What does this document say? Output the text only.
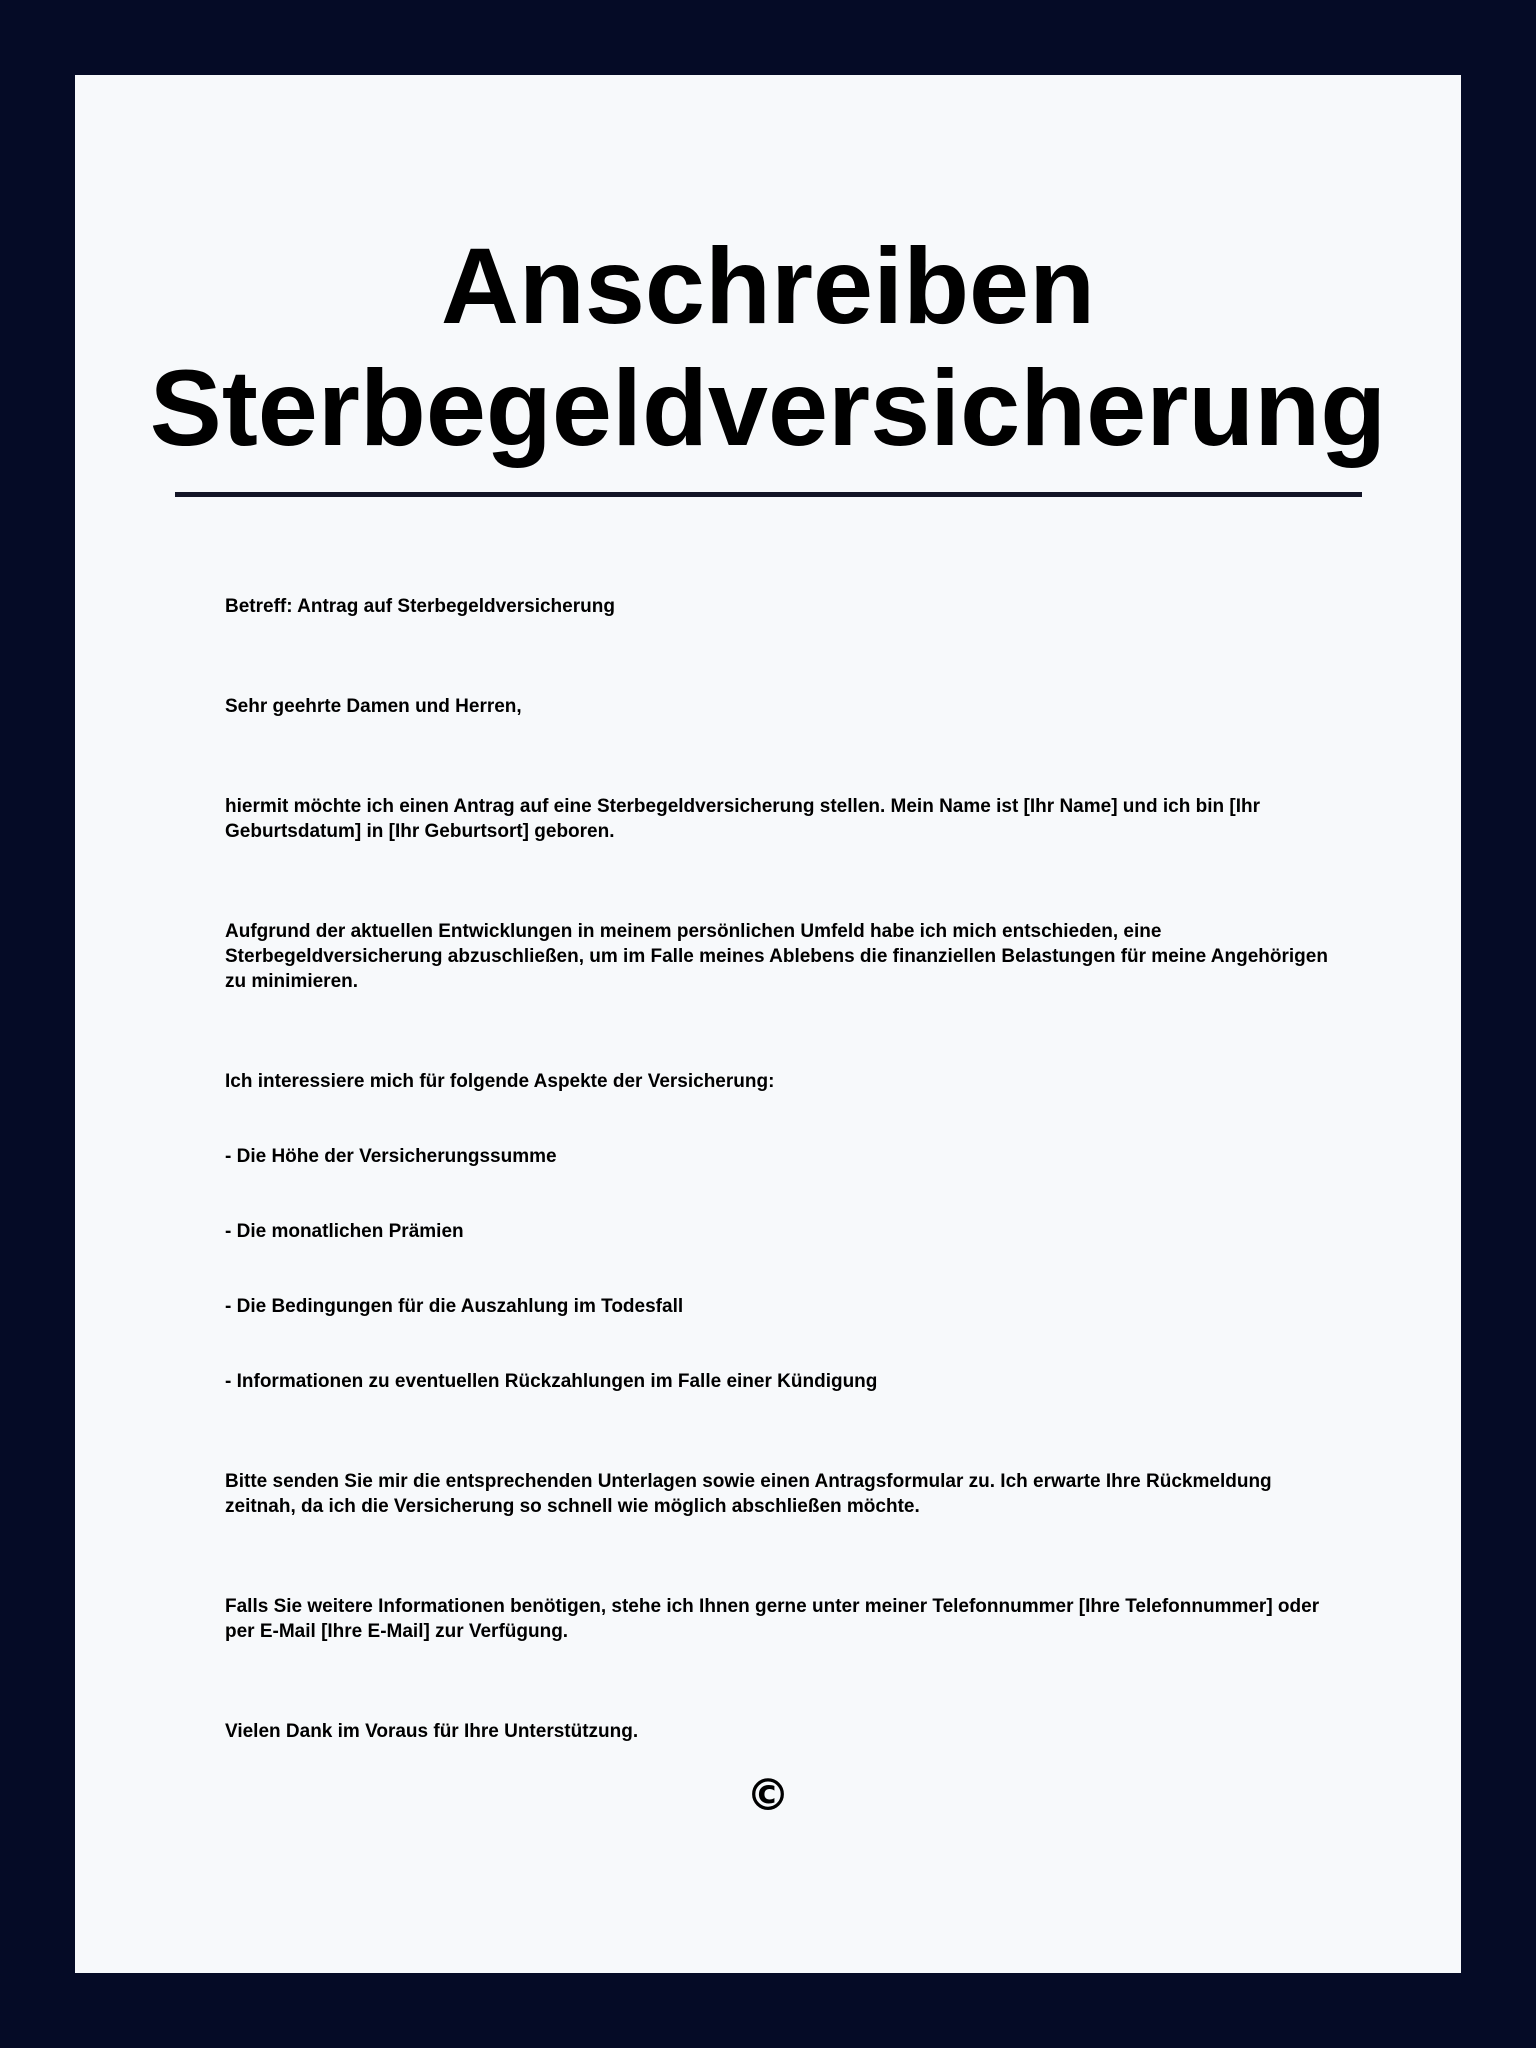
Anschreiben
Sterbegeldversicherung

Betreff: Antrag auf Sterbegeldversicherung

Sehr geehrte Damen und Herren,

hiermit möchte ich einen Antrag auf eine Sterbegeldversicherung stellen. Mein Name ist [Ihr Name] und ich bin [Ihr Geburtsdatum] in [Ihr Geburtsort] geboren.

Aufgrund der aktuellen Entwicklungen in meinem persönlichen Umfeld habe ich mich entschieden, eine Sterbegeldversicherung abzuschließen, um im Falle meines Ablebens die finanziellen Belastungen für meine Angehörigen zu minimieren.

Ich interessiere mich für folgende Aspekte der Versicherung:

- Die Höhe der Versicherungssumme

- Die monatlichen Prämien

- Die Bedingungen für die Auszahlung im Todesfall

- Informationen zu eventuellen Rückzahlungen im Falle einer Kündigung

Bitte senden Sie mir die entsprechenden Unterlagen sowie einen Antragsformular zu. Ich erwarte Ihre Rückmeldung zeitnah, da ich die Versicherung so schnell wie möglich abschließen möchte.

Falls Sie weitere Informationen benötigen, stehe ich Ihnen gerne unter meiner Telefonnummer [Ihre Telefonnummer] oder per E-Mail [Ihre E-Mail] zur Verfügung.

Vielen Dank im Voraus für Ihre Unterstützung.

©
